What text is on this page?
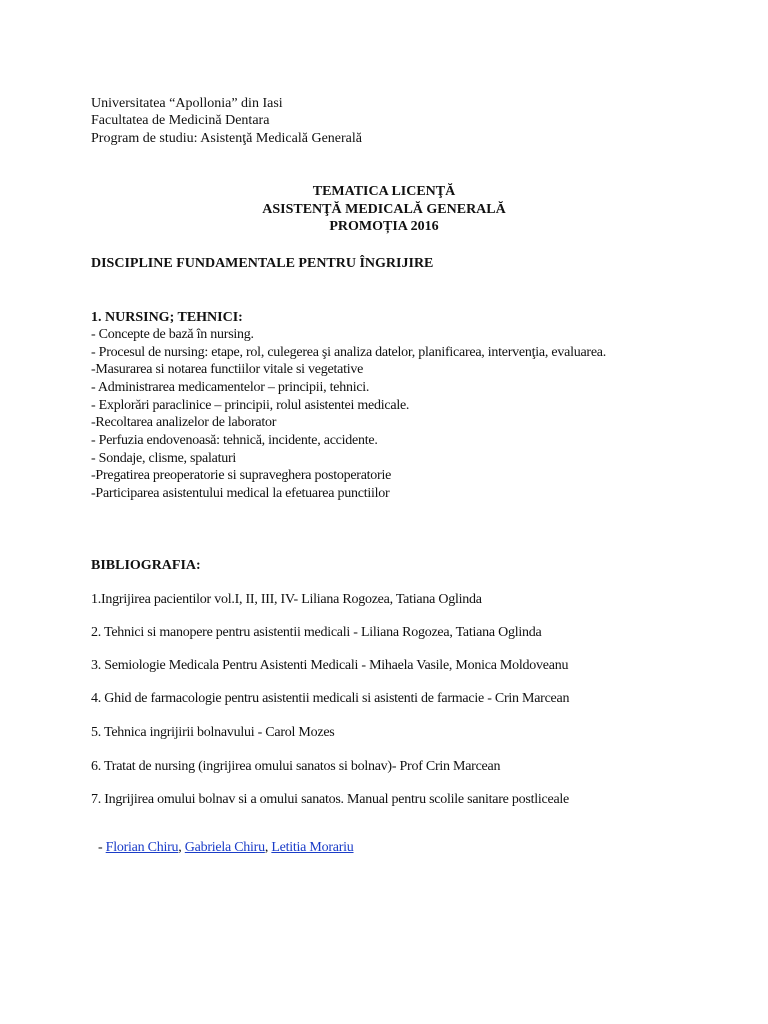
Universitatea “Apollonia” din Iasi
Facultatea de Medicină Dentara
Program de studiu: Asistenţă Medicală Generală
TEMATICA LICENŢĂ
ASISTENŢĂ MEDICALĂ GENERALĂ
PROMOȚIA 2016
DISCIPLINE FUNDAMENTALE PENTRU ÎNGRIJIRE
1. NURSING; TEHNICI:
- Concepte de bază în nursing.
- Procesul de nursing: etape, rol, culegerea şi analiza datelor, planificarea, intervenţia, evaluarea.
-Masurarea si notarea functiilor vitale si vegetative
- Administrarea medicamentelor – principii, tehnici.
- Explorări paraclinice – principii, rolul asistentei medicale.
-Recoltarea analizelor de laborator
- Perfuzia endovenoasă: tehnică, incidente, accidente.
- Sondaje, clisme, spalaturi
-Pregatirea preoperatorie si supraveghera postoperatorie
-Participarea asistentului medical la efetuarea punctiilor
BIBLIOGRAFIA:
1.Ingrijirea pacientilor vol.I, II, III, IV- Liliana Rogozea, Tatiana Oglinda
2. Tehnici si manopere pentru asistentii medicali - Liliana Rogozea, Tatiana Oglinda
3. Semiologie Medicala Pentru Asistenti Medicali - Mihaela Vasile, Monica Moldoveanu
4. Ghid de farmacologie pentru asistentii medicali si asistenti de farmacie - Crin Marcean
5. Tehnica ingrijirii bolnavului - Carol Mozes
6. Tratat de nursing (ingrijirea omului sanatos si bolnav)- Prof Crin Marcean
7. Ingrijirea omului bolnav si a omului sanatos. Manual pentru scolile sanitare postliceale
- Florian Chiru, Gabriela Chiru, Letitia Morariu
